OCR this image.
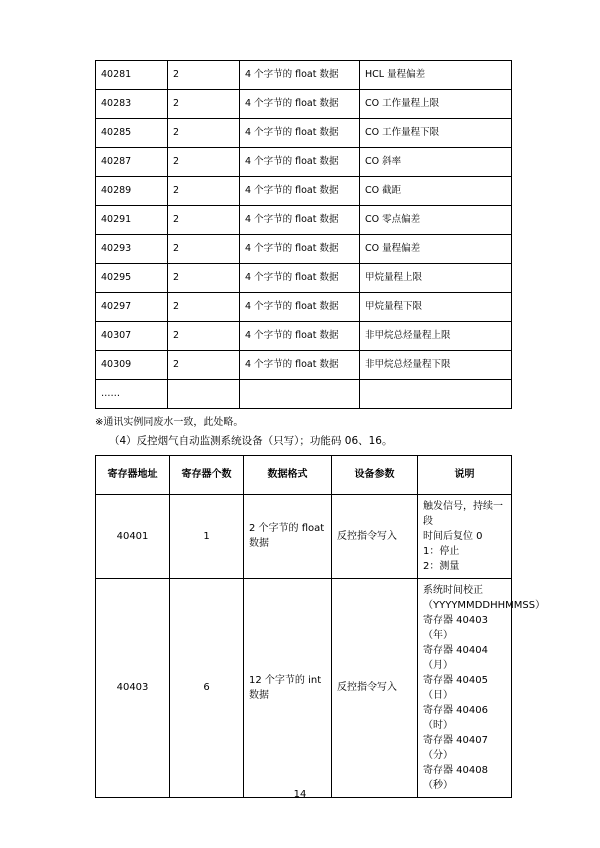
40281	2	4 个字节的 float 数据	HCL 量程偏差
40283	2	4 个字节的 float 数据	CO 工作量程上限
40285	2	4 个字节的 float 数据	CO 工作量程下限
40287	2	4 个字节的 float 数据	CO 斜率
40289	2	4 个字节的 float 数据	CO 截距
40291	2	4 个字节的 float 数据	CO 零点偏差
40293	2	4 个字节的 float 数据	CO 量程偏差
40295	2	4 个字节的 float 数据	甲烷量程上限
40297	2	4 个字节的 float 数据	甲烷量程下限
40307	2	4 个字节的 float 数据	非甲烷总烃量程上限
40309	2	4 个字节的 float 数据	非甲烷总烃量程下限
……			
※通讯实例同废水一致，此处略。
（4）反控烟气自动监测系统设备（只写）；功能码 06、16。
寄存器地址	寄存器个数	数据格式	设备参数	说明
40401	1	2 个字节的 float 数据	反控指令写入	触发信号，持续一段
时间后复位 0
1：停止
2：测量

40403	6	12 个字节的 int 数据	反控指令写入	
系统时间校正
（YYYYMMDDHHMMSS）
寄存器 40403（年）
寄存器 40404（月）
寄存器 40405（日）
寄存器 40406（时）
寄存器 40407（分）
寄存器 40408（秒）
14
